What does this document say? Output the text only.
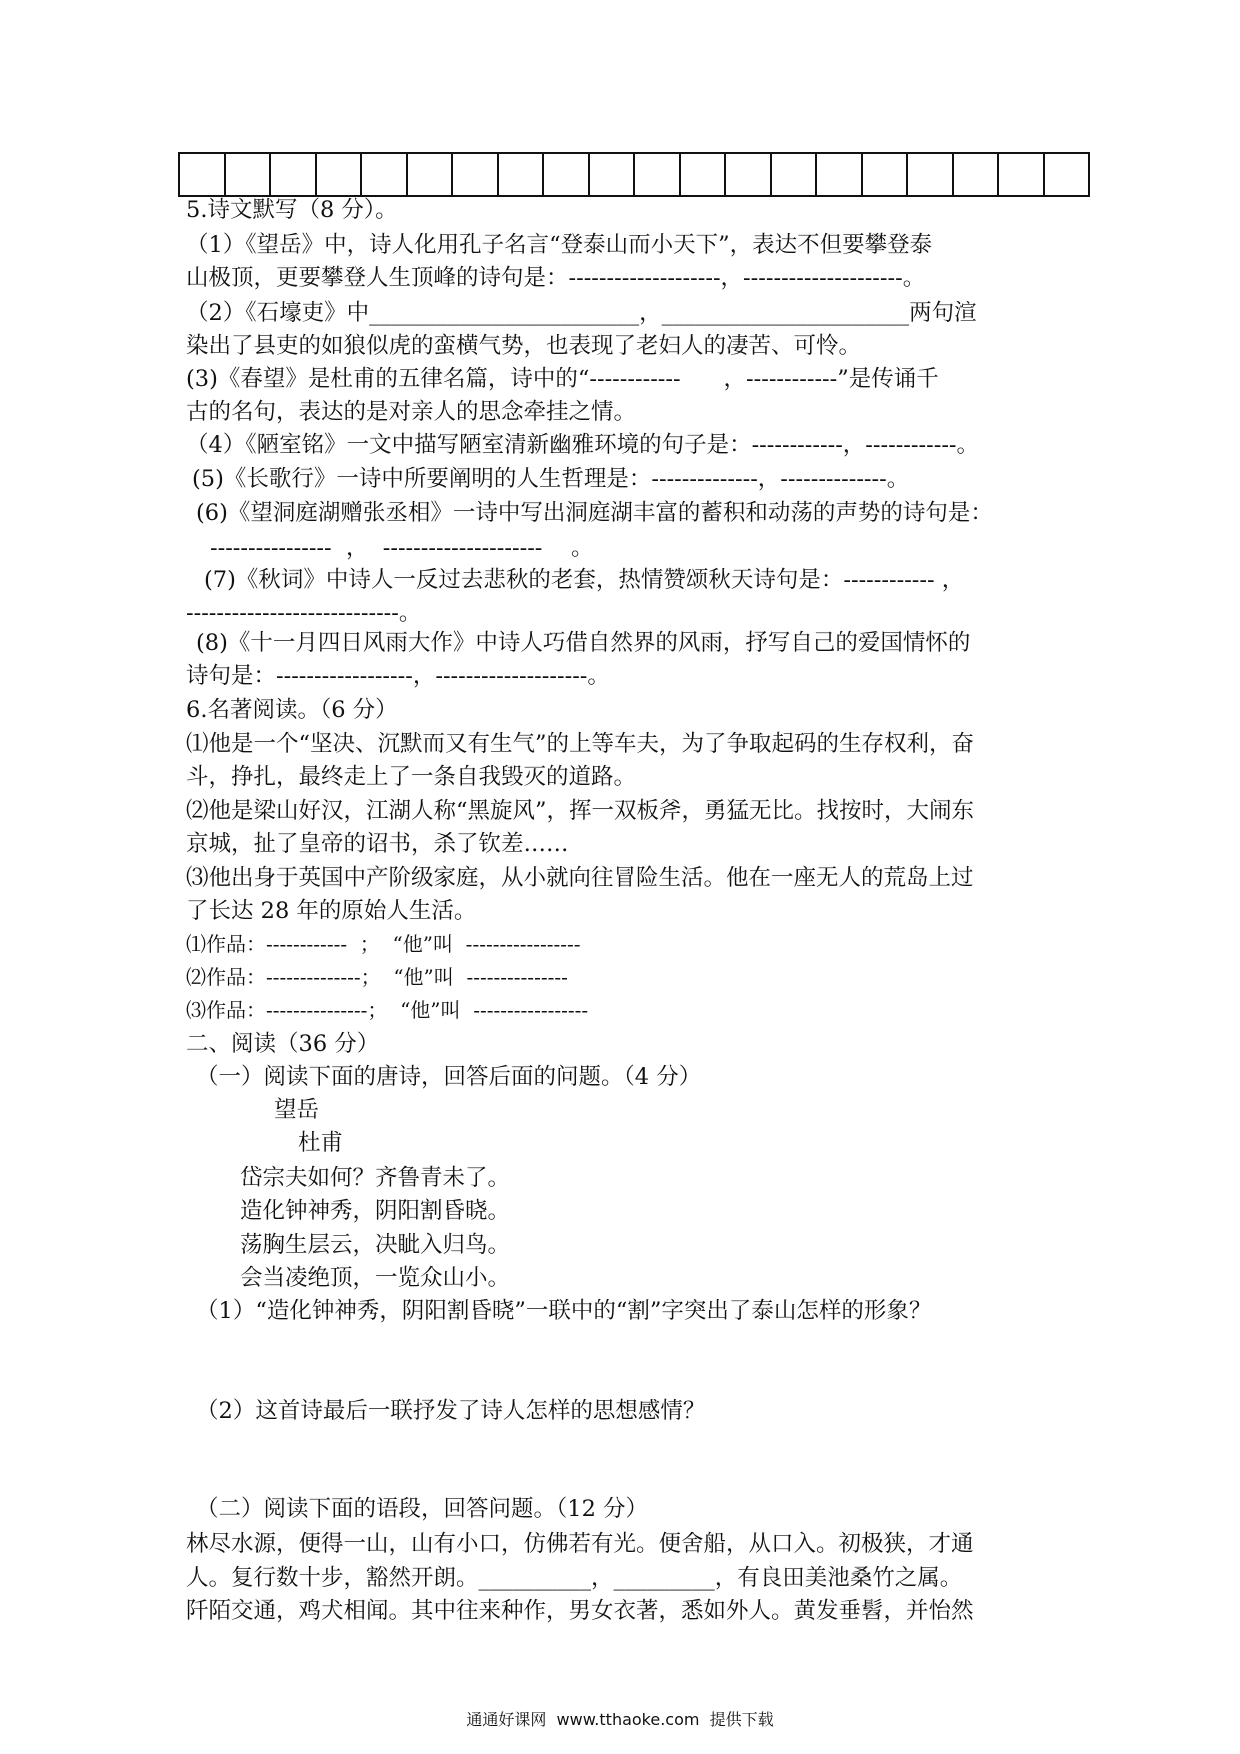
5.诗文默写（8 分）。
（1）《望岳》中，诗人化用孔子名言“登泰山而小天下”，表达不但要攀登泰
山极顶，更要攀登人生顶峰的诗句是：--------------------，---------------------。
（2）《石壕吏》中________________________，______________________两句渲
染出了县吏的如狼似虎的蛮横气势，也表现了老妇人的凄苦、可怜。
(3)《春望》是杜甫的五律名篇，诗中的“------------      ，------------”是传诵千
古的名句，表达的是对亲人的思念牵挂之情。
（4）《陋室铭》一文中描写陋室清新幽雅环境的句子是：------------，------------。
(5)《长歌行》一诗中所要阐明的人生哲理是：--------------，--------------。
(6)《望洞庭湖赠张丞相》一诗中写出洞庭湖丰富的蓄积和动荡的声势的诗句是：
----------------  ，  ---------------------    。
(7)《秋词》中诗人一反过去悲秋的老套，热情赞颂秋天诗句是：------------ ，
----------------------------。
(8)《十一月四日风雨大作》中诗人巧借自然界的风雨，抒写自己的爱国情怀的
诗句是：------------------，--------------------。
6.名著阅读。（6 分）
⑴他是一个“坚决、沉默而又有生气”的上等车夫，为了争取起码的生存权利，奋
斗，挣扎，最终走上了一条自我毁灭的道路。
⑵他是梁山好汉，江湖人称“黑旋风”，挥一双板斧，勇猛无比。找按时，大闹东
京城，扯了皇帝的诏书，杀了钦差……
⑶他出身于英国中产阶级家庭，从小就向往冒险生活。他在一座无人的荒岛上过
了长达 28 年的原始人生活。
⑴作品：------------  ；  “他”叫  -----------------
⑵作品：--------------；  “他”叫  ---------------
⑶作品：---------------；  “他”叫  -----------------
二、阅读（36 分）
（一）阅读下面的唐诗，回答后面的问题。（4 分）
望岳
杜甫
岱宗夫如何？齐鲁青未了。
造化钟神秀，阴阳割昏晓。
荡胸生层云，决眦入归鸟。
会当凌绝顶，一览众山小。
（1）“造化钟神秀，阴阳割昏晓”一联中的“割”字突出了泰山怎样的形象？
（2）这首诗最后一联抒发了诗人怎样的思想感情？
（二）阅读下面的语段，回答问题。（12 分）
林尽水源，便得一山，山有小口，仿佛若有光。便舍船，从口入。初极狭，才通
人。复行数十步，豁然开朗。__________，_________，有良田美池桑竹之属。
阡陌交通，鸡犬相闻。其中往来种作，男女衣著，悉如外人。黄发垂髫，并怡然
通通好课网  www.tthaoke.com  提供下载
